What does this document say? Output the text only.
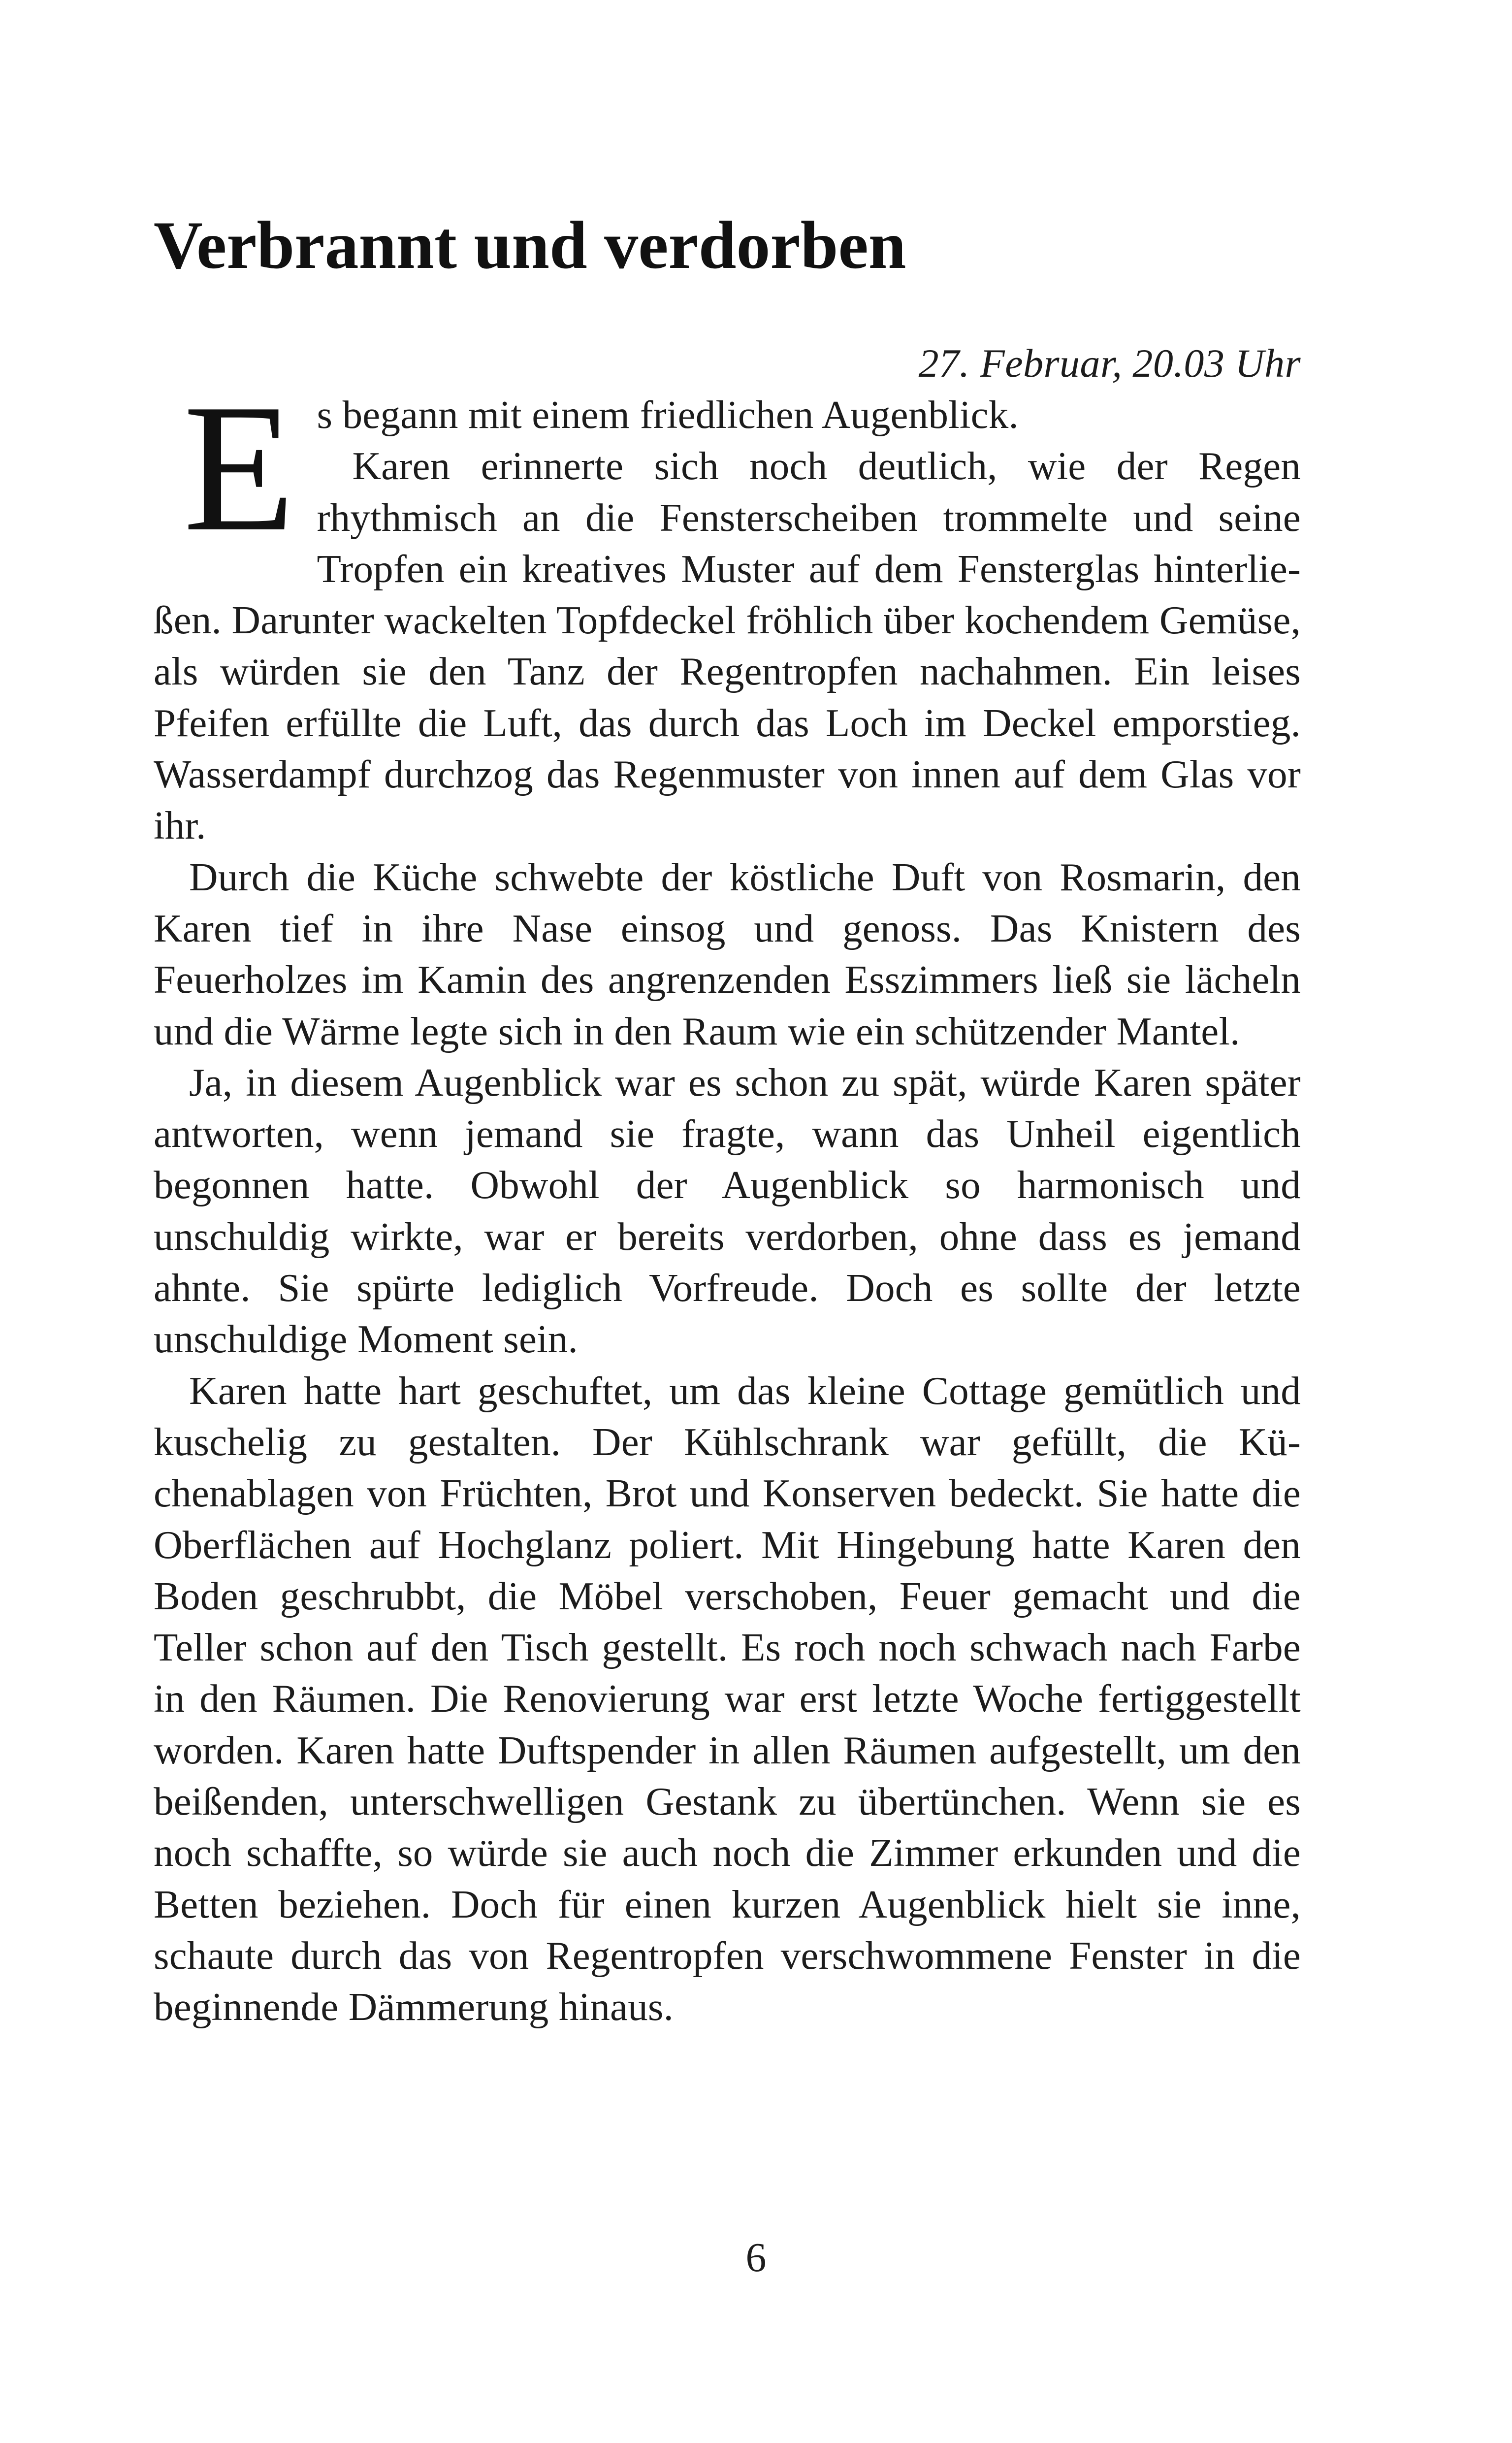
Verbrannt und verdorben
27. Februar, 20.03 Uhr

Es begann mit einem friedlichen Augenblick.

Karen erinnerte sich noch deutlich, wie der Regen rhythmisch an die Fensterscheiben trommelte und seine Tropfen ein kreatives Muster auf dem Fensterglas hinterließen. Darunter wackelten Topfdeckel fröhlich über kochendem Gemüse, als würden sie den Tanz der Regentropfen nachahmen. Ein leises Pfeifen erfüllte die Luft, das durch das Loch im Deckel emporstieg. Wasserdampf durchzog das Regenmuster von innen auf dem Glas vor ihr.

Durch die Küche schwebte der köstliche Duft von Rosmarin, den Karen tief in ihre Nase einsog und genoss. Das Knistern des Feuerholzes im Kamin des angrenzenden Esszimmers ließ sie lächeln und die Wärme legte sich in den Raum wie ein schützender Mantel.

Ja, in diesem Augenblick war es schon zu spät, würde Karen später antworten, wenn jemand sie fragte, wann das Unheil eigentlich begonnen hatte. Obwohl der Augenblick so harmonisch und unschuldig wirkte, war er bereits verdorben, ohne dass es jemand ahnte. Sie spürte lediglich Vorfreude. Doch es sollte der letzte unschuldige Moment sein.

Karen hatte hart geschuftet, um das kleine Cottage gemütlich und kuschelig zu gestalten. Der Kühlschrank war gefüllt, die Küchenablagen von Früchten, Brot und Konserven bedeckt. Sie hatte die Oberflächen auf Hochglanz poliert. Mit Hingebung hatte Karen den Boden geschrubbt, die Möbel verschoben, Feuer gemacht und die Teller schon auf den Tisch gestellt. Es roch noch schwach nach Farbe in den Räumen. Die Renovierung war erst letzte Woche fertiggestellt worden. Karen hatte Duftspender in allen Räumen aufgestellt, um den beißenden, unterschwelligen Gestank zu übertünchen. Wenn sie es noch schaffte, so würde sie auch noch die Zimmer erkunden und die Betten beziehen. Doch für einen kurzen Augenblick hielt sie inne, schaute durch das von Regentropfen verschwommene Fenster in die beginnende Dämmerung hinaus.

6
